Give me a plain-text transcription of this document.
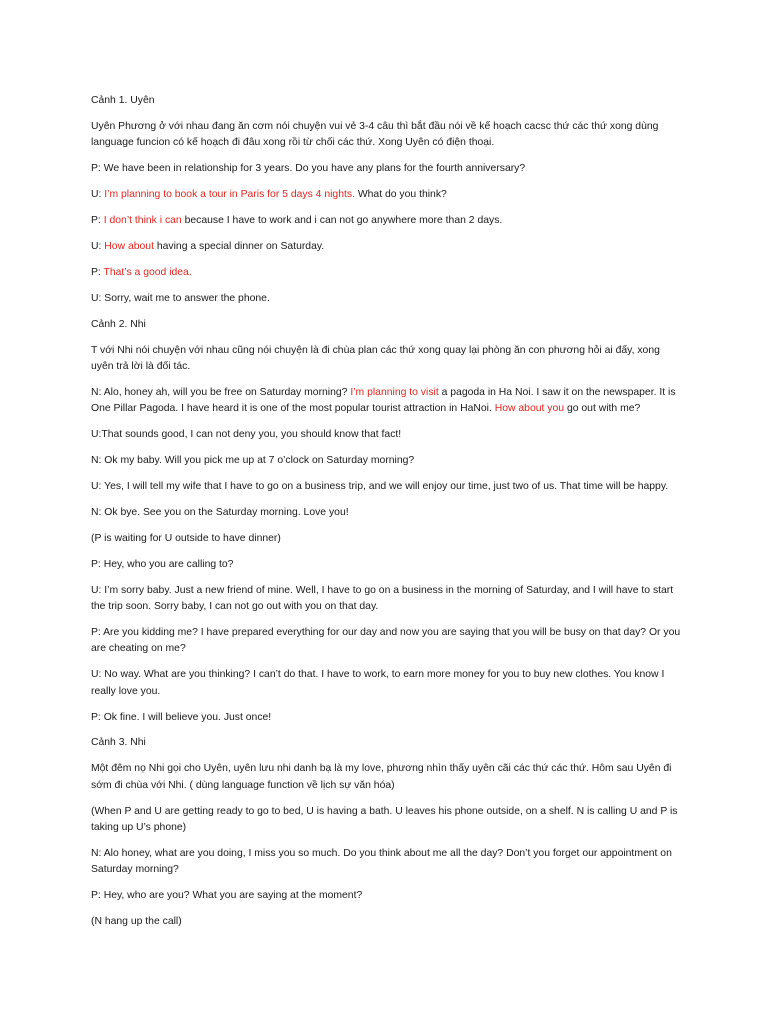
Cảnh 1. Uyên

Uyên Phương ở với nhau đang ăn cơm nói chuyện vui vẻ 3-4 câu thì bắt đầu nói về kế hoạch cacsc thứ các thứ xong dùng language funcion có kế hoạch đi đâu xong rồi từ chối các thứ. Xong Uyên có điện thoại.

P: We have been in relationship for 3 years. Do you have any plans for the fourth anniversary?

U: I’m planning to book a tour in Paris for 5 days 4 nights. What do you think?

P: I don’t think i can because I have to work and i can not go anywhere more than 2 days.

U: How about having a special dinner on Saturday.

P: That’s a good idea.

U: Sorry, wait me to answer the phone.

Cảnh 2. Nhi

T với Nhi nói chuyện với nhau cũng nói chuyện là đi chùa plan các thứ xong quay lại phòng ăn con phương hỏi ai đấy, xong uyên trả lời là đối tác.

N: Alo, honey ah, will you be free on Saturday morning? I’m planning to visit a pagoda in Ha Noi. I saw it on the newspaper. It is One Pillar Pagoda. I have heard it is one of the most popular tourist attraction in HaNoi. How about you go out with me?

U:That sounds good, I can not deny you, you should know that fact!

N: Ok my baby. Will you pick me up at 7 o’clock on Saturday morning?

U: Yes, I will tell my wife that I have to go on a business trip, and we will enjoy our time, just two of us. That time will be happy.

N: Ok bye. See you on the Saturday morning. Love you!

(P is waiting for U outside to have dinner)

P: Hey, who you are calling to?

U: I’m sorry baby. Just a new friend of mine. Well, I have to go on a business in the morning of Saturday, and I will have to start the trip soon. Sorry baby, I can not go out with you on that day.

P: Are you kidding me? I have prepared everything for our day and now you are saying that you will be busy on that day? Or you are cheating on me?

U: No way. What are you thinking? I can’t do that. I have to work, to earn more money for you to buy new clothes. You know I really love you.

P: Ok fine. I will believe you. Just once!

Cảnh 3. Nhi

Một đêm nọ Nhi gọi cho Uyên, uyên lưu nhi danh bạ là my love, phương nhìn thấy uyên cãi các thứ các thứ. Hôm sau Uyên đi sớm đi chùa với Nhi. ( dùng language function về lịch sự văn hóa)

(When P and U are getting ready to go to bed, U is having a bath. U leaves his phone outside, on a shelf. N is calling U and P is taking up U’s phone)

N: Alo honey, what are you doing, I miss you so much. Do you think about me all the day? Don’t you forget our appointment on Saturday morning?

P: Hey, who are you? What you are saying at the moment?

(N hang up the call)
